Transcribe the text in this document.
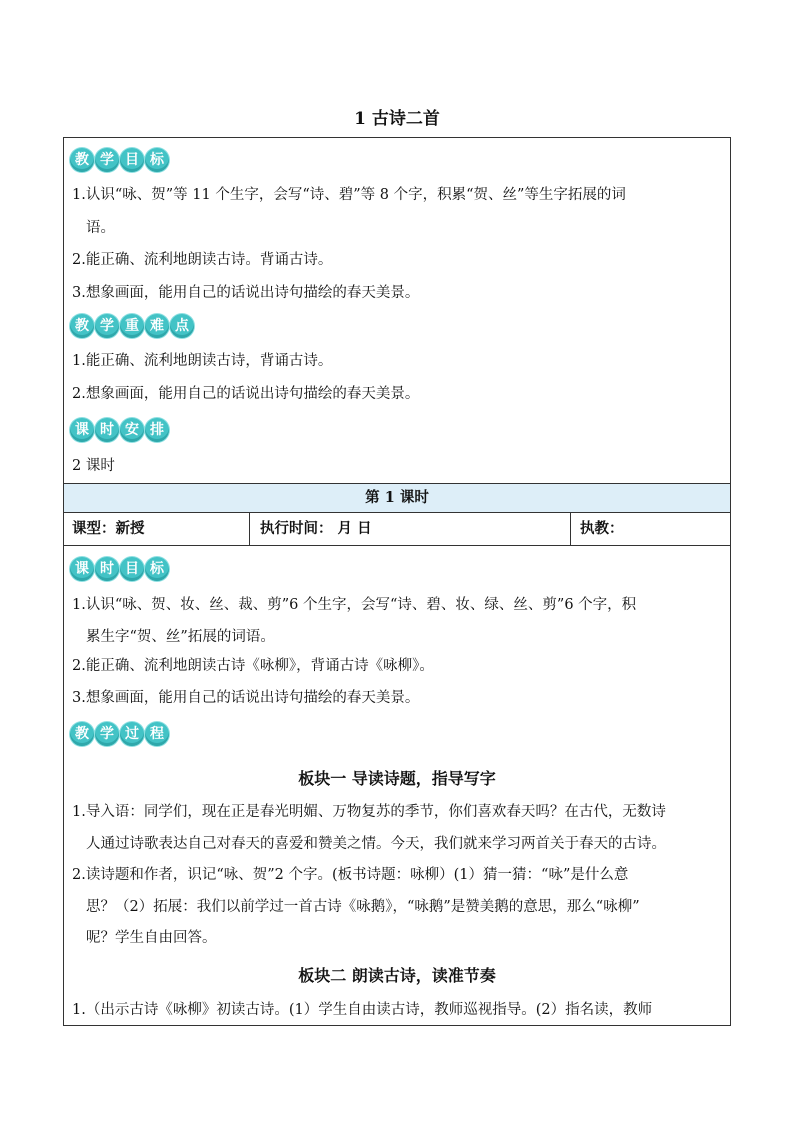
1 古诗二首
教 学 目 标
1.认识“咏、贺”等 11 个生字，会写“诗、碧”等 8 个字，积累“贺、丝”等生字拓展的词
语。
2.能正确、流利地朗读古诗。背诵古诗。
3.想象画面，能用自己的话说出诗句描绘的春天美景。
教 学 重 难 点
1.能正确、流利地朗读古诗，背诵古诗。
2.想象画面，能用自己的话说出诗句描绘的春天美景。
课 时 安 排
2 课时
第 1 课时
课型：新授	执行时间： 月 日	执教：
课 时 目 标
1.认识“咏、贺、妆、丝、裁、剪”6 个生字，会写“诗、碧、妆、绿、丝、剪”6 个字，积
累生字“贺、丝”拓展的词语。
2.能正确、流利地朗读古诗《咏柳》，背诵古诗《咏柳》。
3.想象画面，能用自己的话说出诗句描绘的春天美景。
教 学 过 程
板块一 导读诗题，指导写字
1.导入语：同学们，现在正是春光明媚、万物复苏的季节，你们喜欢春天吗？在古代，无数诗
人通过诗歌表达自己对春天的喜爱和赞美之情。今天，我们就来学习两首关于春天的古诗。
2.读诗题和作者，识记“咏、贺”2 个字。(板书诗题：咏柳）(1）猜一猜：“咏”是什么意
思？（2）拓展：我们以前学过一首古诗《咏鹅》，“咏鹅”是赞美鹅的意思，那么“咏柳”
呢？学生自由回答。
板块二 朗读古诗，读准节奏
1.（出示古诗《咏柳》初读古诗。(1）学生自由读古诗，教师巡视指导。(2）指名读，教师
